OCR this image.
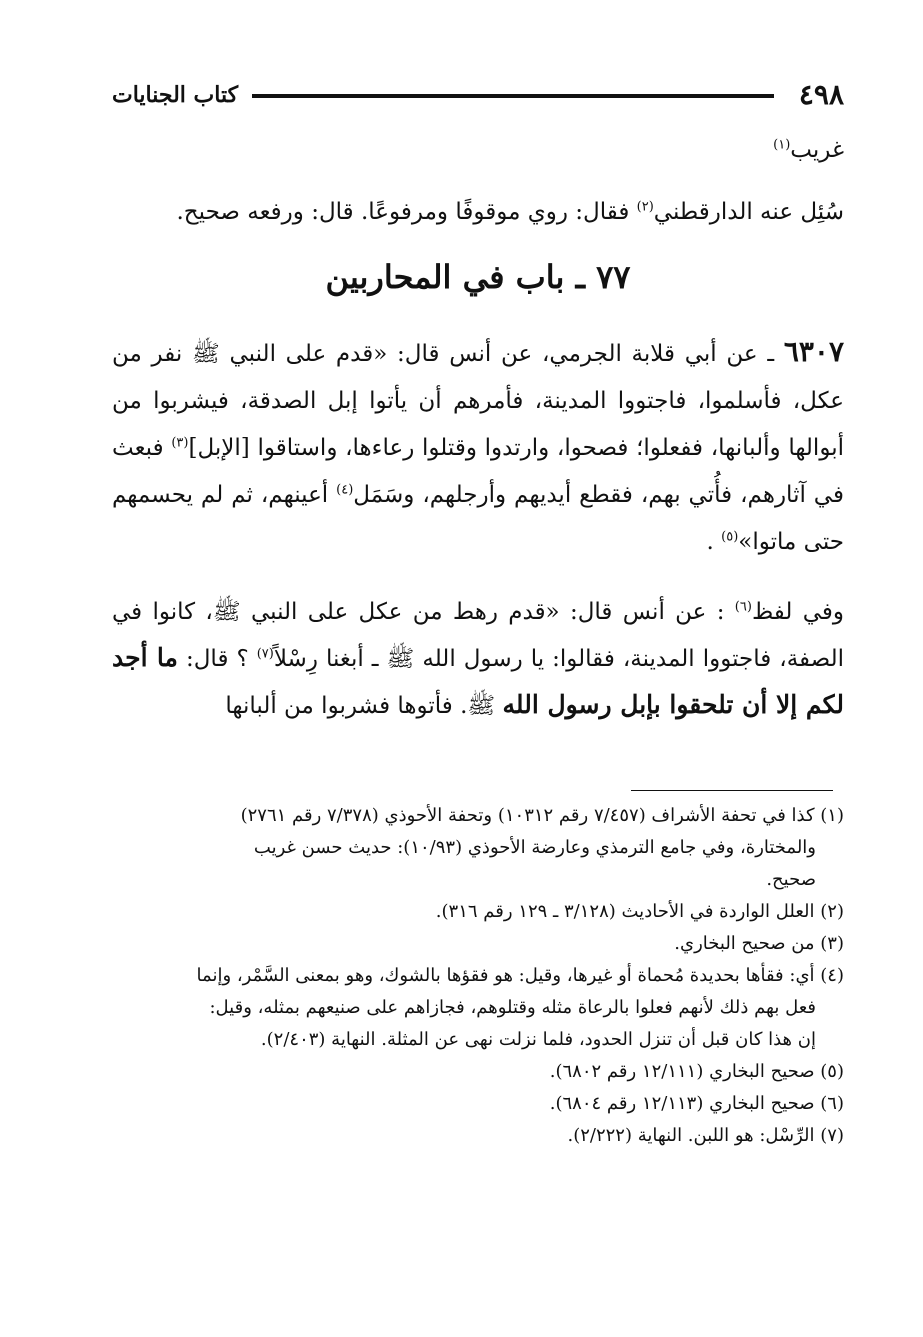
٤٩٨
كتاب الجنايات
غريب$^{(١)}$
سُئِل عنه الدارقطني$^{(٢)}$ فقال: روي موقوفًا ومرفوعًا. قال: ورفعه صحيح.
٧٧ ـ باب في المحاربين
٦٣٠٧ ـ عن أبي قلابة الجرمي، عن أنس قال: «قدم على النبي ﷺ نفر من عكل، فأسلموا، فاجتووا المدينة، فأمرهم أن يأتوا إبل الصدقة، فيشربوا من أبوالها وألبانها، ففعلوا؛ فصحوا، وارتدوا وقتلوا رعاءها، واستاقوا [الإبل]$^{(٣)}$ فبعث في آثارهم، فأُتي بهم، فقطع أيديهم وأرجلهم، وسَمَل$^{(٤)}$ أعينهم، ثم لم يحسمهم حتى ماتوا»$^{(٥)}$ .
وفي لفظ$^{(٦)}$ : عن أنس قال: «قدم رهط من عكل على النبي ﷺ، كانوا في الصفة، فاجتووا المدينة، فقالوا: يا رسول الله ﷺ ـ أبغنا رِسْلاً$^{(٧)}$ ؟ قال: ما أجد لكم إلا أن تلحقوا بإبل رسول الله ﷺ. فأتوها فشربوا من ألبانها

(١) كذا في تحفة الأشراف (٧/٤٥٧ رقم ١٠٣١٢) وتحفة الأحوذي (٧/٣٧٨ رقم ٢٧٦١)

والمختارة، وفي جامع الترمذي وعارضة الأحوذي (١٠/٩٣): حديث حسن غريب

صحيح.

(٢) العلل الواردة في الأحاديث (٣/١٢٨ ـ ١٢٩ رقم ٣١٦).

(٣) من صحيح البخاري.

(٤) أي: فقأها بحديدة مُحماة أو غيرها، وقيل: هو فقؤها بالشوك، وهو بمعنى السَّمْر، وإنما

فعل بهم ذلك لأنهم فعلوا بالرعاة مثله وقتلوهم، فجازاهم على صنيعهم بمثله، وقيل:

إن هذا كان قبل أن تنزل الحدود، فلما نزلت نهى عن المثلة. النهاية (٢/٤٠٣).

(٥) صحيح البخاري (١٢/١١١ رقم ٦٨٠٢).

(٦) صحيح البخاري (١٢/١١٣ رقم ٦٨٠٤).

(٧) الرِّسْل: هو اللبن. النهاية (٢/٢٢٢).
